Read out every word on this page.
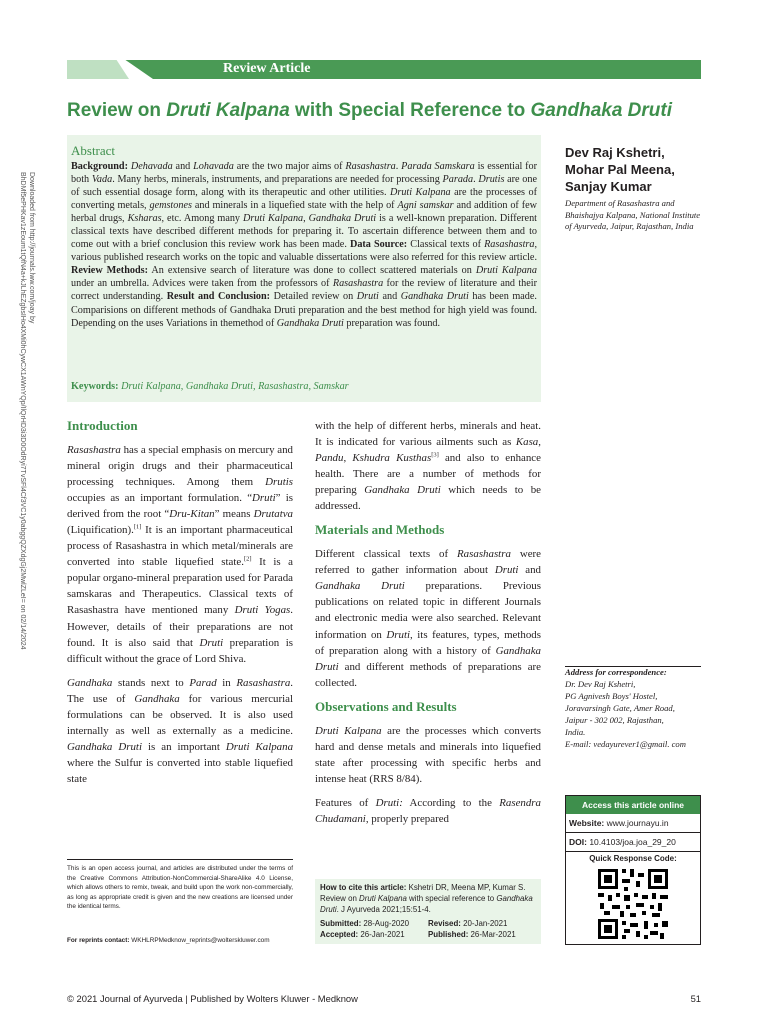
Review Article
Review on Druti Kalpana with Special Reference to Gandhaka Druti
Downloaded from http://journals.lww.com/joay by BhDMf5ePHKav1zEoum1tQfN4a+kJLhEZgbsIHo4XMi0hCywCX1AWnYQp/IlQrHD3i3D0OdRyi7TvSFl4Cf3VC1y0abggQZXdgGj2MwlZLeI= on 02/14/2024
Abstract
Background: Dehavada and Lohavada are the two major aims of Rasashastra. Parada Samskara is essential for both Vada. Many herbs, minerals, instruments, and preparations are needed for processing Parada. Drutis are one of such essential dosage form, along with its therapeutic and other utilities. Druti Kalpana are the processes of converting metals, gemstones and minerals in a liquefied state with the help of Agni samskar and addition of few herbal drugs, Ksharas, etc. Among many Druti Kalpana, Gandhaka Druti is a well-known preparation. Different classical texts have described different methods for preparing it. To ascertain difference between them and to come out with a brief conclusion this review work has been made. Data Source: Classical texts of Rasashastra, various published research works on the topic and valuable dissertations were also referred for this review article. Review Methods: An extensive search of literature was done to collect scattered materials on Druti Kalpana under an umbrella. Advices were taken from the professors of Rasashastra for the review of literature and their correct understanding. Result and Conclusion: Detailed review on Druti and Gandhaka Druti has been made. Comparisions on different methods of Gandhaka Druti preparation and the best method for high yield was found. Depending on the uses Variations in themethod of Gandhaka Druti preparation was found.
Keywords: Druti Kalpana, Gandhaka Druti, Rasashastra, Samskar
Dev Raj Kshetri,
Mohar Pal Meena,
Sanjay Kumar
Department of Rasashastra and Bhaishajya Kalpana, National Institute of Ayurveda, Jaipur, Rajasthan, India
Introduction

Rasashastra has a special emphasis on mercury and mineral origin drugs and their pharmaceutical processing techniques. Among them Drutis occupies as an important formulation. “Druti” is derived from the root “Dru-Kitan” means Drutatva (Liquification).[1] It is an important pharmaceutical process of Rasashastra in which metal/minerals are converted into stable liquefied state.[2] It is a popular organo-mineral preparation used for Parada samskaras and Therapeutics. Classical texts of Rasashastra have mentioned many Druti Yogas. However, details of their preparations are not found. It is also said that Druti preparation is difficult without the grace of Lord Shiva.

Gandhaka stands next to Parad in Rasashastra. The use of Gandhaka for various mercurial formulations can be observed. It is also used internally as well as externally as a medicine. Gandhaka Druti is an important Druti Kalpana where the Sulfur is converted into stable liquefied state

with the help of different herbs, minerals and heat. It is indicated for various ailments such as Kasa, Pandu, Kshudra Kusthas[3] and also to enhance health. There are a number of methods for preparing Gandhaka Druti which needs to be addressed.

Materials and Methods

Different classical texts of Rasashastra were referred to gather information about Druti and Gandhaka Druti preparations. Previous publications on related topic in different Journals and electronic media were also searched. Relevant information on Druti, its features, types, methods of preparation along with a history of Gandhaka Druti and different methods of preparations are collected.

Observations and Results

Druti Kalpana are the processes which converts hard and dense metals and minerals into liquefied state after processing with specific herbs and intense heat (RRS 8/84).

Features of Druti: According to the Rasendra Chudamani, properly prepared

This is an open access journal, and articles are distributed under the terms of the Creative Commons Attribution-NonCommercial-ShareAlike 4.0 License, which allows others to remix, tweak, and build upon the work non-commercially, as long as appropriate credit is given and the new creations are licensed under the identical terms.
For reprints contact: WKHLRPMedknow_reprints@wolterskluwer.com
How to cite this article: Kshetri DR, Meena MP, Kumar S. Review on Druti Kalpana with special reference to Gandhaka Druti. J Ayurveda 2021;15:51-4.
Submitted: 28-Aug-2020	Revised: 20-Jan-2021
Accepted: 26-Jan-2021	Published: 26-Mar-2021
Address for correspondence:
Dr. Dev Raj Kshetri,
PG Agnivesh Boys' Hostel,
Joravarsingh Gate, Amer Road,
Jaipur - 302 002, Rajasthan,
India.
E-mail: vedayurever1@gmail. com
Access this article online
Website: www.journayu.in
DOI: 10.4103/joa.joa_29_20
Quick Response Code:
© 2021 Journal of Ayurveda | Published by Wolters Kluwer - Medknow	51
